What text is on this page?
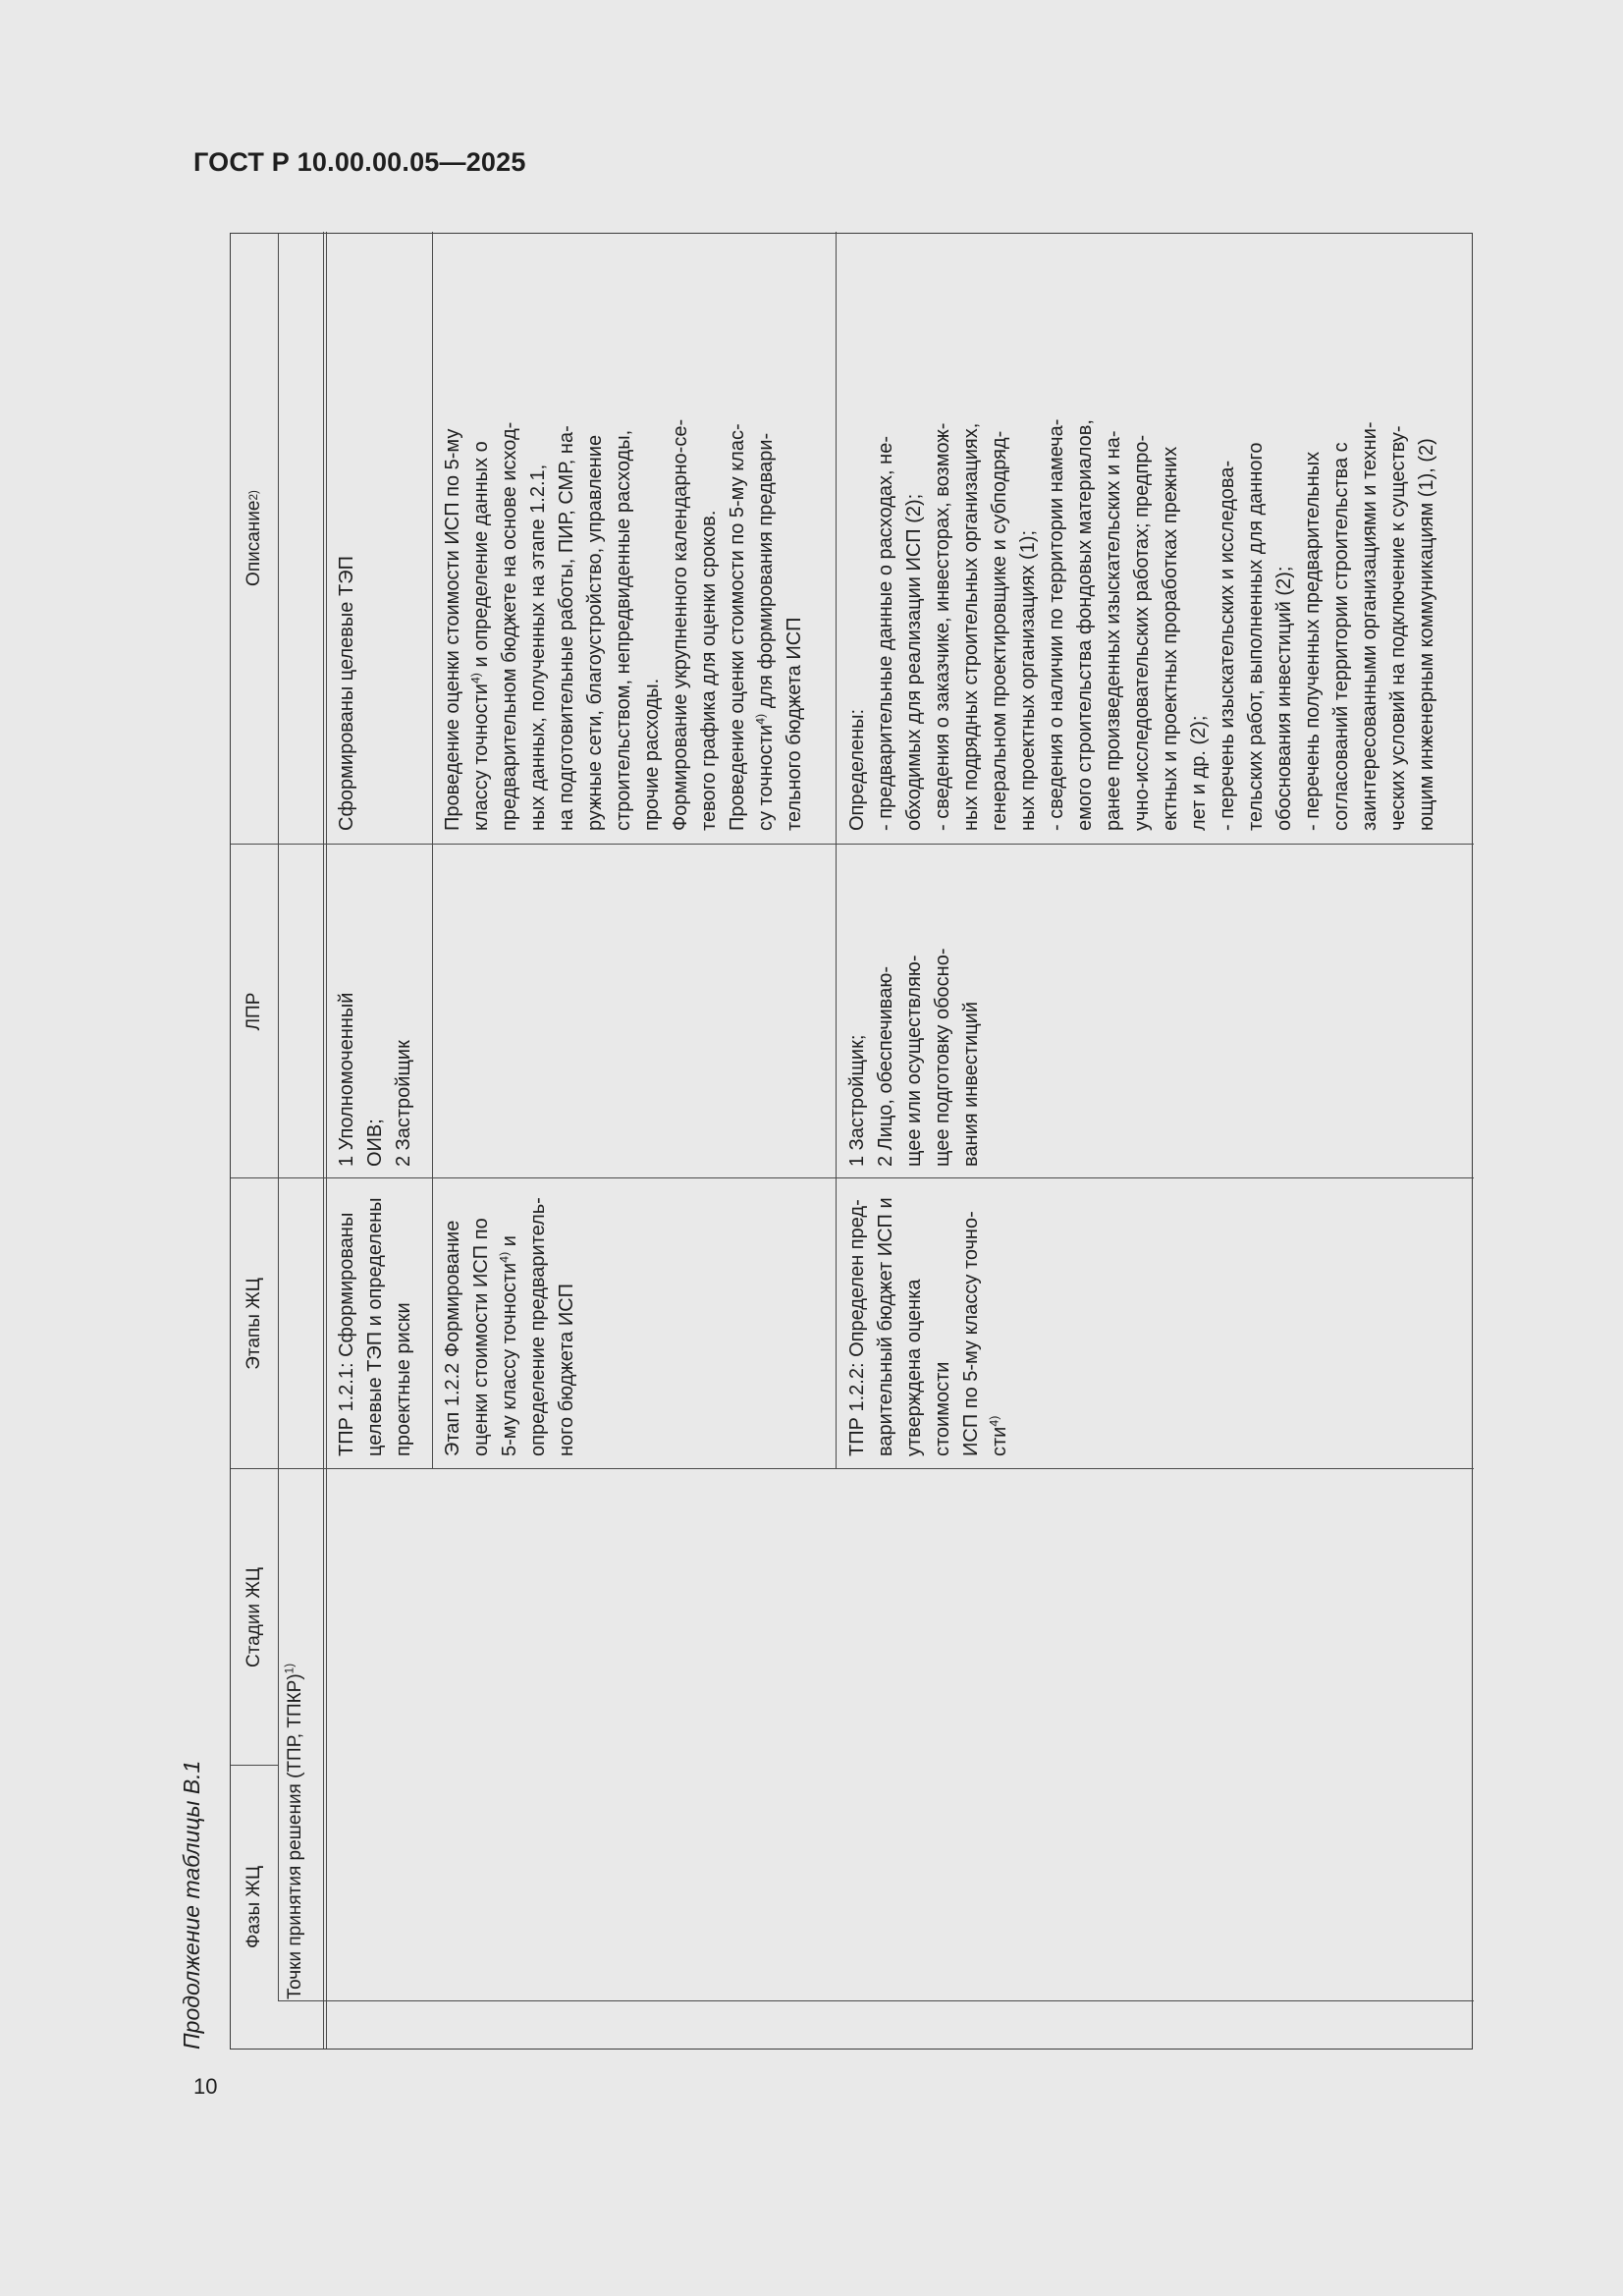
ГОСТ Р 10.00.00.05—2025
10
Продолжение таблицы В.1	Фазы ЖЦ
Стадии ЖЦ
Этапы ЖЦ
ЛПР
Описание
2)
Точки принятия решения (ТПР, ТПКР)$^{1)}$

ТПР 1.2.1: Сформированы целевые ТЭП и определены проектные риски

1 Уполномоченный ОИВ; 2 Застройщик

Сформированы целевые ТЭП

Этап 1.2.2 Формирование оценки стоимости ИСП по 5-му классу точности$^{4)}$ и определение предваритель- ного бюджета ИСП

Проведение оценки стоимости ИСП по 5-му классу точности$^{4)}$ и определение данных о предварительном бюджете на основе исход- ных данных, полученных на этапе 1.2.1, на подготовительные работы, ПИР, СМР, на- ружные сети, благоустройство, управление строительством, непредвиденные расходы, прочие расходы. Формирование укрупненного календарно-се- тевого графика для оценки сроков. Проведение оценки стоимости по 5-му клас- су точности$^{4)}$ для формирования предвари-

тельного бюджета ИСП

ТПР 1.2.2: Определен пред- варительный бюджет ИСП и утверждена оценка стоимости ИСП по 5-му классу точно- сти$^{4)}$

1 Застройщик; 2 Лицо, обеспечиваю- щее или осуществляю- щее подготовку обосно- вания инвестиций

Определены: - предварительные данные о расходах, не- обходимых для реализации ИСП (2); - сведения о заказчике, инвесторах, возмож- ных подрядных строительных организациях, генеральном проектировщике и субподряд- ных проектных организациях (1); - сведения о наличии по территории намеча- емого строительства фондовых материалов, ранее произведенных изыскательских и на- учно-исследовательских работах; предпро- ектных и проектных проработках прежних лет и др. (2); - перечень изыскательских и исследова- тельских работ, выполненных для данного обоснования инвестиций (2); - перечень полученных предварительных согласований территории строительства с заинтересованными организациями и техни- ческих условий на подключение к существу- ющим инженерным коммуникациям (1), (2)
